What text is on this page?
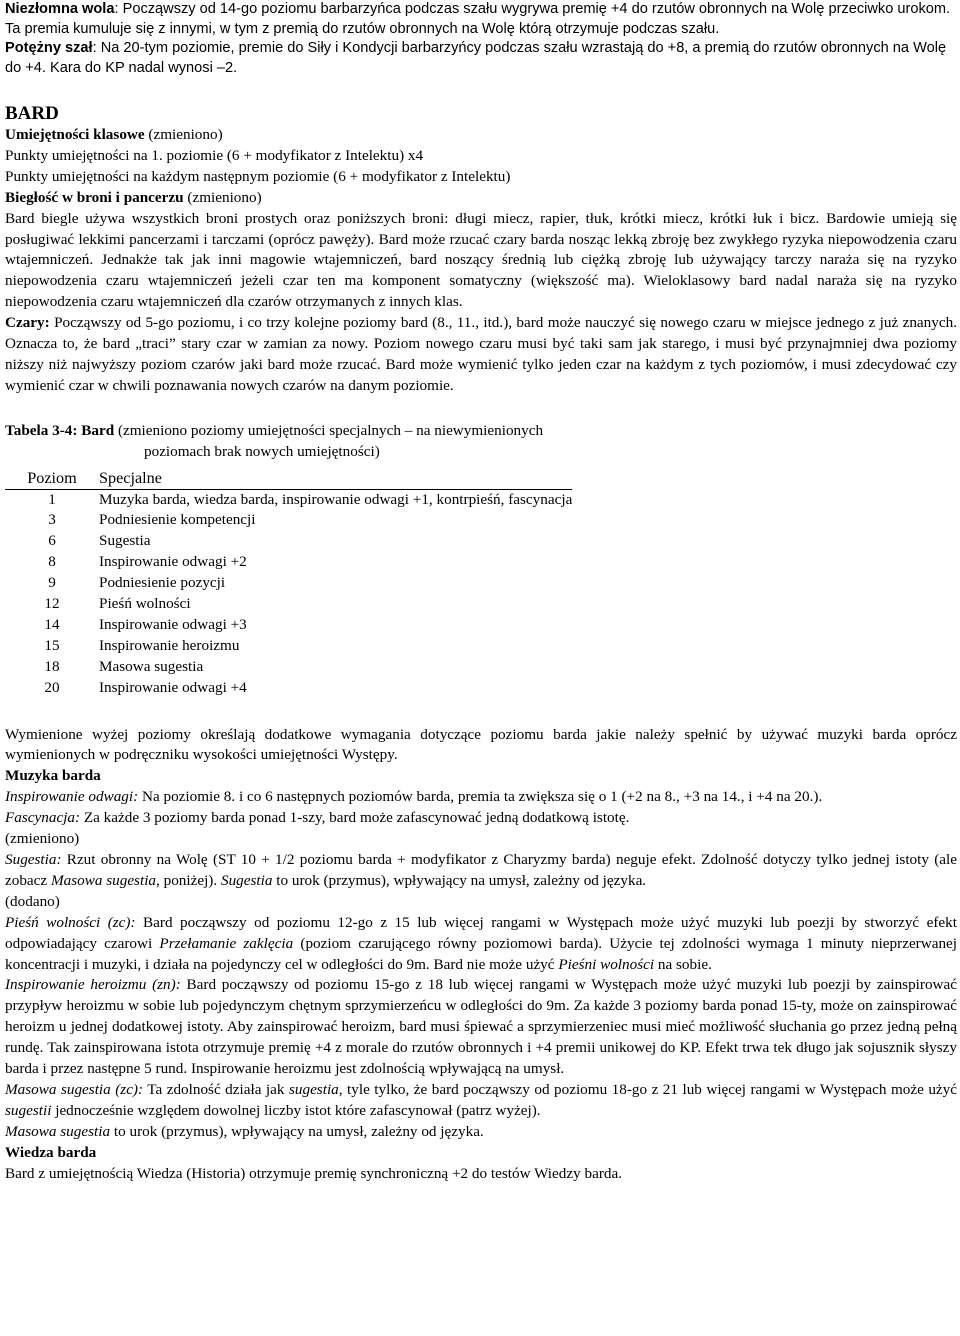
Niezłomna wola: Począwszy od 14-go poziomu barbarzyńca podczas szału wygrywa premię +4 do rzutów obronnych na Wolę przeciwko urokom. Ta premia kumuluje się z innymi, w tym z premią do rzutów obronnych na Wolę którą otrzymuje podczas szału.

Potężny szał: Na 20-tym poziomie, premie do Siły i Kondycji barbarzyńcy podczas szału wzrastają do +8, a premią do rzutów obronnych na Wolę do +4. Kara do KP nadal wynosi –2.

BARD

Umiejętności klasowe (zmieniono)

Punkty umiejętności na 1. poziomie (6 + modyfikator z Intelektu) x4

Punkty umiejętności na każdym następnym poziomie (6 + modyfikator z Intelektu)

Biegłość w broni i pancerzu (zmieniono)

Bard biegle używa wszystkich broni prostych oraz poniższych broni: długi miecz, rapier, tłuk, krótki miecz, krótki łuk i bicz. Bardowie umieją się posługiwać lekkimi pancerzami i tarczami (oprócz pawęży). Bard może rzucać czary barda nosząc lekką zbroję bez zwykłego ryzyka niepowodzenia czaru wtajemniczeń. Jednakże tak jak inni magowie wtajemniczeń, bard noszący średnią lub ciężką zbroję lub używający tarczy naraża się na ryzyko niepowodzenia czaru wtajemniczeń jeżeli czar ten ma komponent somatyczny (większość ma). Wieloklasowy bard nadal naraża się na ryzyko niepowodzenia czaru wtajemniczeń dla czarów otrzymanych z innych klas.

Czary: Począwszy od 5-go poziomu, i co trzy kolejne poziomy bard (8., 11., itd.), bard może nauczyć się nowego czaru w miejsce jednego z już znanych. Oznacza to, że bard „traci” stary czar w zamian za nowy. Poziom nowego czaru musi być taki sam jak starego, i musi być przynajmniej dwa poziomy niższy niż najwyższy poziom czarów jaki bard może rzucać. Bard może wymienić tylko jeden czar na każdym z tych poziomów, i musi zdecydować czy wymienić czar w chwili poznawania nowych czarów na danym poziomie.

Tabela 3-4: Bard (zmieniono poziomy umiejętności specjalnych – na niewymienionych
poziomach brak nowych umiejętności)
Poziom	Specjalne
1	Muzyka barda, wiedza barda, inspirowanie odwagi +1, kontrpieśń, fascynacja
3	Podniesienie kompetencji
6	Sugestia
8	Inspirowanie odwagi +2
9	Podniesienie pozycji
12	Pieśń wolności
14	Inspirowanie odwagi +3
15	Inspirowanie heroizmu
18	Masowa sugestia
20	Inspirowanie odwagi +4

Wymienione wyżej poziomy określają dodatkowe wymagania dotyczące poziomu barda jakie należy spełnić by używać muzyki barda oprócz wymienionych w podręczniku wysokości umiejętności Występy.

Muzyka barda

Inspirowanie odwagi: Na poziomie 8. i co 6 następnych poziomów barda, premia ta zwiększa się o 1 (+2 na 8., +3 na 14., i +4 na 20.).

Fascynacja: Za każde 3 poziomy barda ponad 1-szy, bard może zafascynować jedną dodatkową istotę.

(zmieniono)

Sugestia: Rzut obronny na Wolę (ST 10 + 1/2 poziomu barda + modyfikator z Charyzmy barda) neguje efekt. Zdolność dotyczy tylko jednej istoty (ale zobacz Masowa sugestia, poniżej). Sugestia to urok (przymus), wpływający na umysł, zależny od języka.

(dodano)

Pieśń wolności (zc): Bard począwszy od poziomu 12-go z 15 lub więcej rangami w Występach może użyć muzyki lub poezji by stworzyć efekt odpowiadający czarowi Przełamanie zaklęcia (poziom czarującego równy poziomowi barda). Użycie tej zdolności wymaga 1 minuty nieprzerwanej koncentracji i muzyki, i działa na pojedynczy cel w odległości do 9m. Bard nie może użyć Pieśni wolności na sobie.

Inspirowanie heroizmu (zn): Bard począwszy od poziomu 15-go z 18 lub więcej rangami w Występach może użyć muzyki lub poezji by zainspirować przypływ heroizmu w sobie lub pojedynczym chętnym sprzymierzeńcu w odległości do 9m. Za każde 3 poziomy barda ponad 15-ty, może on zainspirować heroizm u jednej dodatkowej istoty. Aby zainspirować heroizm, bard musi śpiewać a sprzymierzeniec musi mieć możliwość słuchania go przez jedną pełną rundę. Tak zainspirowana istota otrzymuje premię +4 z morale do rzutów obronnych i +4 premii unikowej do KP. Efekt trwa tek długo jak sojusznik słyszy barda i przez następne 5 rund. Inspirowanie heroizmu jest zdolnością wpływającą na umysł.

Masowa sugestia (zc): Ta zdolność działa jak sugestia, tyle tylko, że bard począwszy od poziomu 18-go z 21 lub więcej rangami w Występach może użyć sugestii jednocześnie względem dowolnej liczby istot które zafascynował (patrz wyżej).

Masowa sugestia to urok (przymus), wpływający na umysł, zależny od języka.

Wiedza barda

Bard z umiejętnością Wiedza (Historia) otrzymuje premię synchroniczną +2 do testów Wiedzy barda.
